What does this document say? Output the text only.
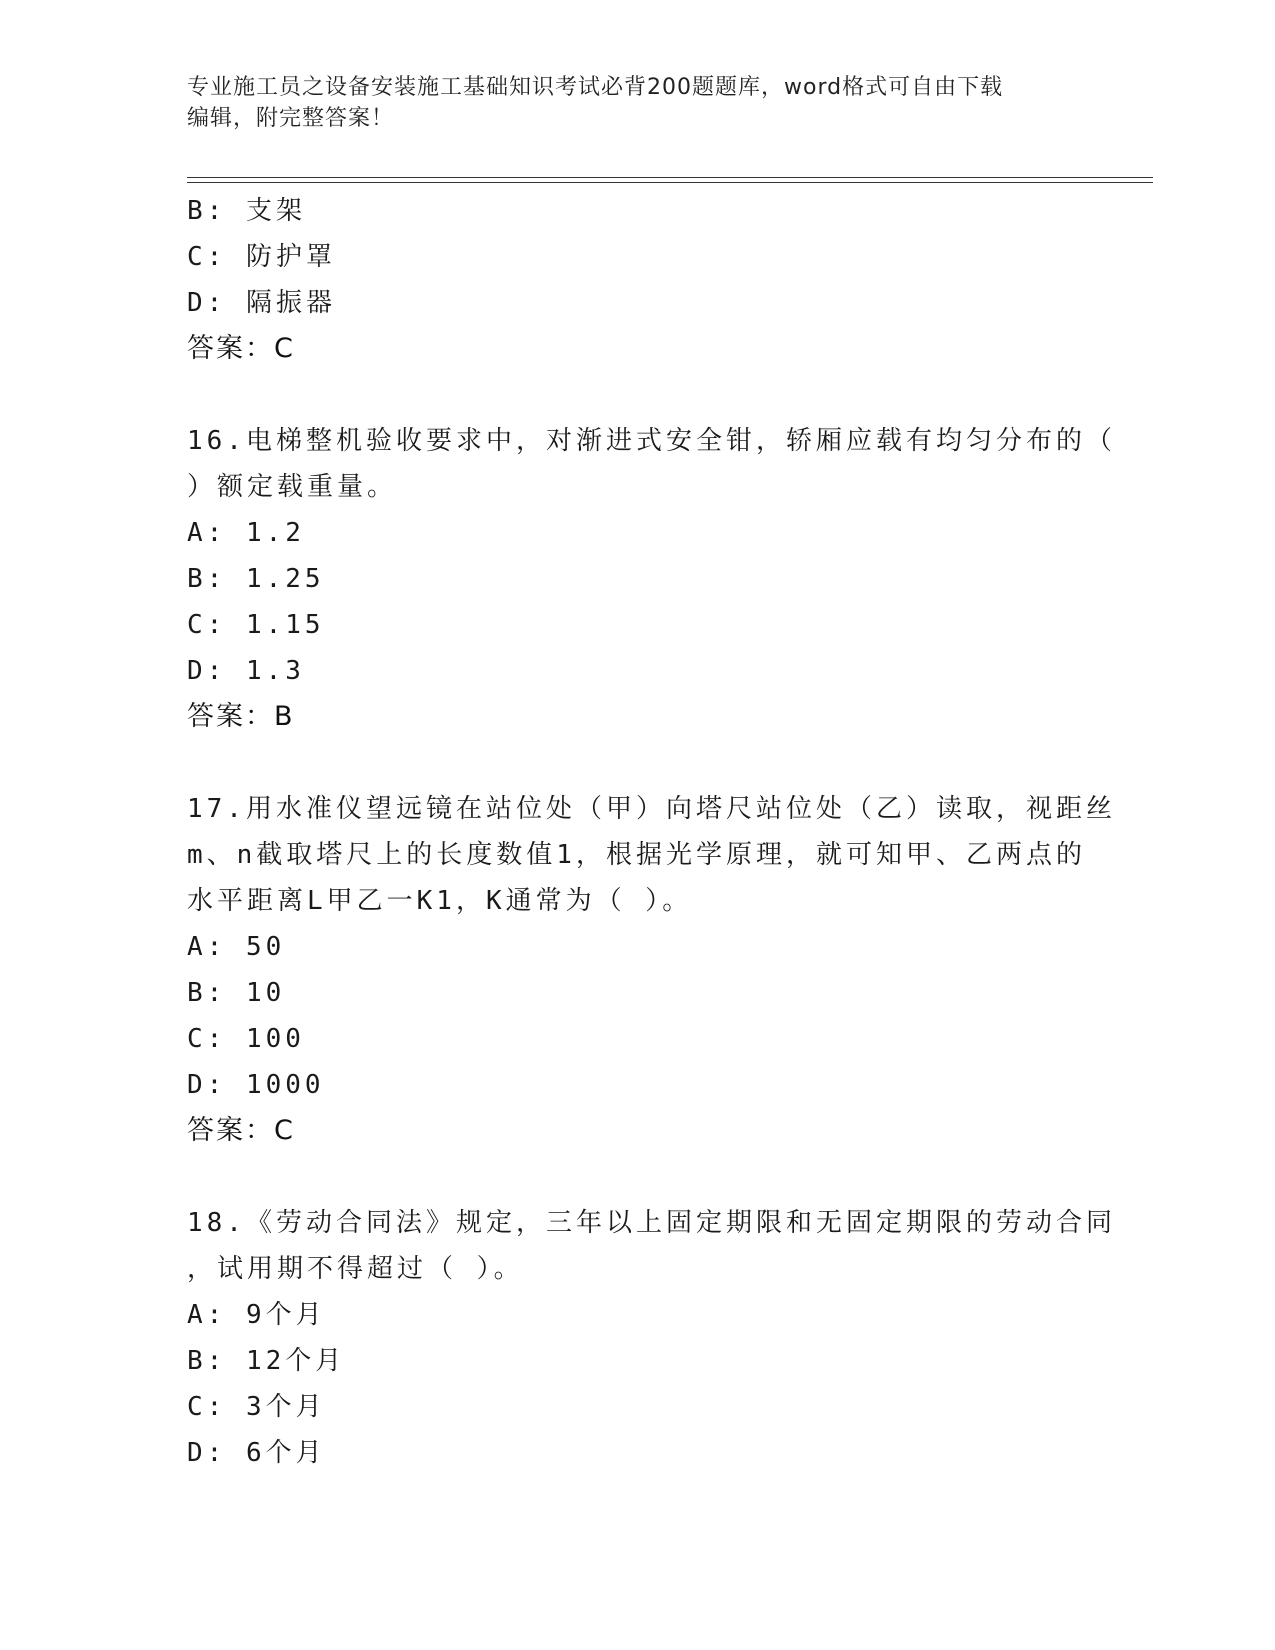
专业施工员之设备安装施工基础知识考试必背200题题库，word格式可自由下载
编辑，附完整答案！
B: 支架
C: 防护罩
D: 隔振器
答案：C
16.电梯整机验收要求中，对渐进式安全钳，轿厢应载有均匀分布的（
）额定载重量。
A: 1.2
B: 1.25
C: 1.15
D: 1.3
答案：B
17.用水准仪望远镜在站位处（甲）向塔尺站位处（乙）读取，视距丝
m、n截取塔尺上的长度数值1，根据光学原理，就可知甲、乙两点的
水平距离L甲乙一K1，K通常为（ ）。
A: 50
B: 10
C: 100
D: 1000
答案：C
18.《劳动合同法》规定，三年以上固定期限和无固定期限的劳动合同
，试用期不得超过（ ）。
A: 9个月
B: 12个月
C: 3个月
D: 6个月
